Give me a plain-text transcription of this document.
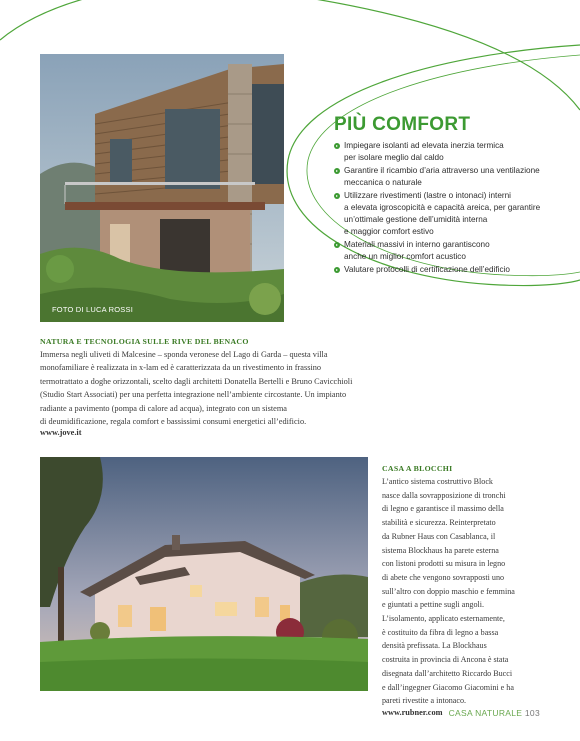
FOTO DI LUCA ROSSI
PIÙ COMFORT
Impiegare isolanti ad elevata inerzia termica
per isolare meglio dal caldo
Garantire il ricambio d’aria attraverso una ventilazione
meccanica o naturale
Utilizzare rivestimenti (lastre o intonaci) interni
a elevata igroscopicità e capacità areica, per garantire
un’ottimale gestione dell’umidità interna
e maggior comfort estivo
Materiali massivi in interno garantiscono
anche un miglior comfort acustico
Valutare protocolli di certificazione dell’edificio
NATURA E TECNOLOGIA SULLE RIVE DEL BENACO

Immersa negli uliveti di Malcesine – sponda veronese del Lago di Garda – questa villa
monofamiliare è realizzata in x-lam ed è caratterizzata da un rivestimento in frassino
termotrattato a doghe orizzontali, scelto dagli architetti Donatella Bertelli e Bruno Cavicchioli
(Studio Start Associati) per una perfetta integrazione nell’ambiente circostante. Un impianto
radiante a pavimento (pompa di calore ad acqua), integrato con un sistema
di deumidificazione, regala comfort e bassissimi consumi energetici all’edificio.

www.jove.it
CASA A BLOCCHI

L’antico sistema costruttivo Block
nasce dalla sovrapposizione di tronchi
di legno e garantisce il massimo della
stabilità e sicurezza. Reinterpretato
da Rubner Haus con Casablanca, il
sistema Blockhaus ha parete esterna
con listoni prodotti su misura in legno
di abete che vengono sovrapposti uno
sull’altro con doppio maschio e femmina
e giuntati a pettine sugli angoli.
L’isolamento, applicato esternamente,
è costituito da fibra di legno a bassa
densità prefissata. La Blockhaus
costruita in provincia di Ancona è stata
disegnata dall’architetto Riccardo Bucci
e dall’ingegner Giacomo Giacomini e ha
pareti rivestite a intonaco.

www.rubner.com CASA NATURALE 103
